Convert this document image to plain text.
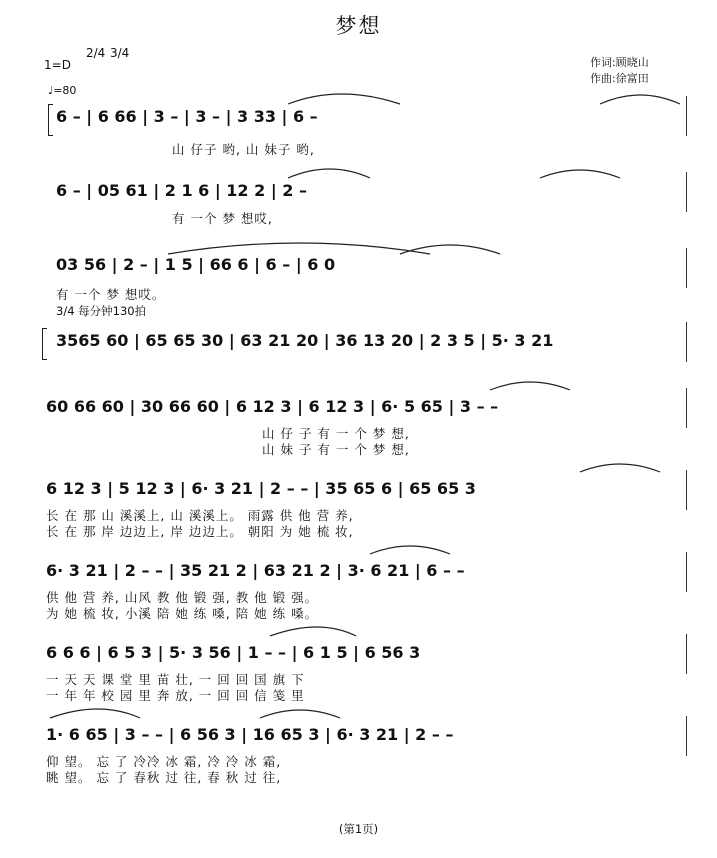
梦想
1=D
2/4 3/4
♩=80
作词:顾晓山
作曲:徐富田
6 – | 6 66 | 3 – | 3 – | 3 33 | 6 –
山 仔子 哟, 山 妹子 哟,
6 – | 05 61 | 2 1 6 | 12 2 | 2 –
有 一个 梦 想哎,
03 56 | 2 – | 1 5 | 66 6 | 6 – | 6 0
有 一个 梦 想哎。
3/4 每分钟130拍
3565 60 | 65 65 30 | 63 21 20 | 36 13 20 | 2 3 5 | 5· 3 21
60 66 60 | 30 66 60 | 6 12 3 | 6 12 3 | 6· 5 65 | 3 – –
山 仔 子 有 一 个 梦 想,
山 妹 子 有 一 个 梦 想,
6 12 3 | 5 12 3 | 6· 3 21 | 2 – – | 35 65 6 | 65 65 3
长 在 那 山 溪溪上, 山 溪溪上。 雨露 供 他 营 养,
长 在 那 岸 边边上, 岸 边边上。 朝阳 为 她 梳 妆,
6· 3 21 | 2 – – | 35 21 2 | 63 21 2 | 3· 6 21 | 6 – –
供 他 营 养, 山风 教 他 锻 强, 教 他 锻 强。
为 她 梳 妆, 小溪 陪 她 练 嗓, 陪 她 练 嗓。
6 6 6 | 6 5 3 | 5· 3 56 | 1 – – | 6 1 5 | 6 56 3
一 天 天 课 堂 里 苗 壮, 一 回 回 国 旗 下
一 年 年 校 园 里 奔 放, 一 回 回 信 笺 里
1· 6 65 | 3 – – | 6 56 3 | 16 65 3 | 6· 3 21 | 2 – –
仰 望。 忘 了 冷冷 冰 霜, 冷 冷 冰 霜,
眺 望。 忘 了 春秋 过 往, 春 秋 过 往,
(第1页)
